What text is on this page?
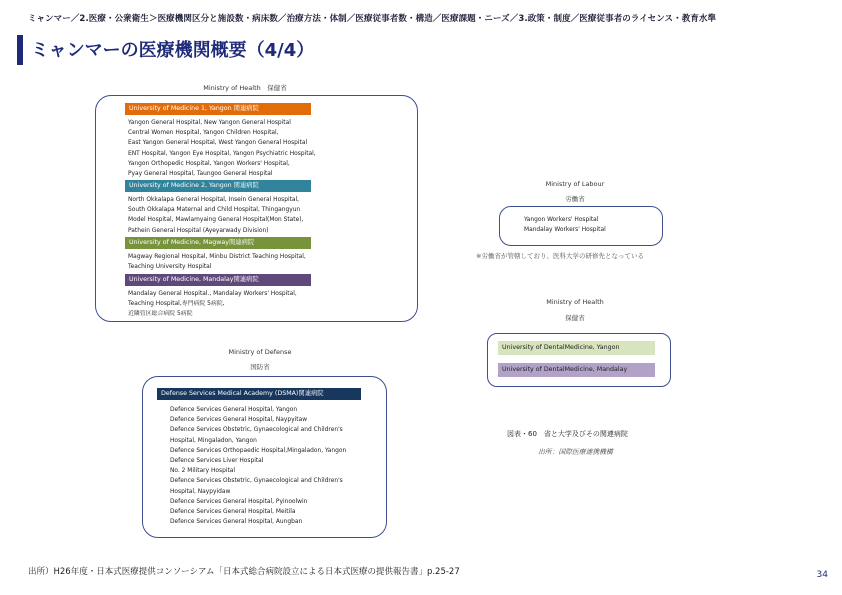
ミャンマー／2.医療・公衆衛生＞医療機関区分と施設数・病床数／治療方法・体制／医療従事者数・構造／医療課題・ニーズ／3.政策・制度／医療従事者のライセンス・教育水準
ミャンマーの医療機関概要（4/4）
Ministry of Health　保健省
University of Medicine 1, Yangon 関連病院
Yangon General Hospital, New Yangon General Hospital
Central Women Hospital, Yangon Children Hospital,
East Yangon General Hospital, West Yangon General Hospital
ENT Hospital, Yangon Eye Hospital, Yangon Psychiatric Hospital,
Yangon Orthopedic Hospital, Yangon Workers' Hospital,
Pyay General Hospital, Taungoo General Hospital
University of Medicine 2, Yangon 関連病院
North Okkalapa General Hospital, Insein General Hospital,
South Okkalapa Maternal and Child Hospital, Thingangyun
Model Hospital, Mawlamyaing General Hospital(Mon State),
Pathein General Hospital (Ayeyarwady Division)
University of Medicine, Magway関連病院
Magway Regional Hospital, Minbu District Teaching Hospital,
Teaching University Hospital
University of Medicine, Mandalay関連病院
Mandalay General Hospital., Mandalay Workers' Hospital,
Teaching Hospital,専門病院 5病院,
近隣管区総合病院 5病院
Ministry of Labour
労働省
Yangon Workers' Hospital
Mandalay Workers' Hospital
※労働省が管轄しており、医科大学の研修先となっている
Ministry of Health
保健省
University of DentalMedicine, Yangon
University of DentalMedicine, Mandalay
Ministry of Defense
国防省
Defense Services Medical Academy (DSMA)関連病院
Defence Services General Hospital, Yangon
Defence Services General Hospital, Naypyitaw
Defence Services Obstetric, Gynaecological and Children's
Hospital, Mingaladon, Yangon
Defence Services Orthopaedic Hospital,Mingaladon, Yangon
Defence Services Liver Hospital
No. 2 Military Hospital
Defence Services Obstetric, Gynaecological and Children's
Hospital, Naypyidaw
Defence Services General Hospital, Pyinoolwin
Defence Services General Hospital, Meitila
Defence Services General Hospital, Aungban
図表・60　省と大学及びその関連病院
出所：国際医療連携機構
出所）H26年度・日本式医療提供コンソーシアム「日本式総合病院設立による日本式医療の提供報告書」p.25-27	34
